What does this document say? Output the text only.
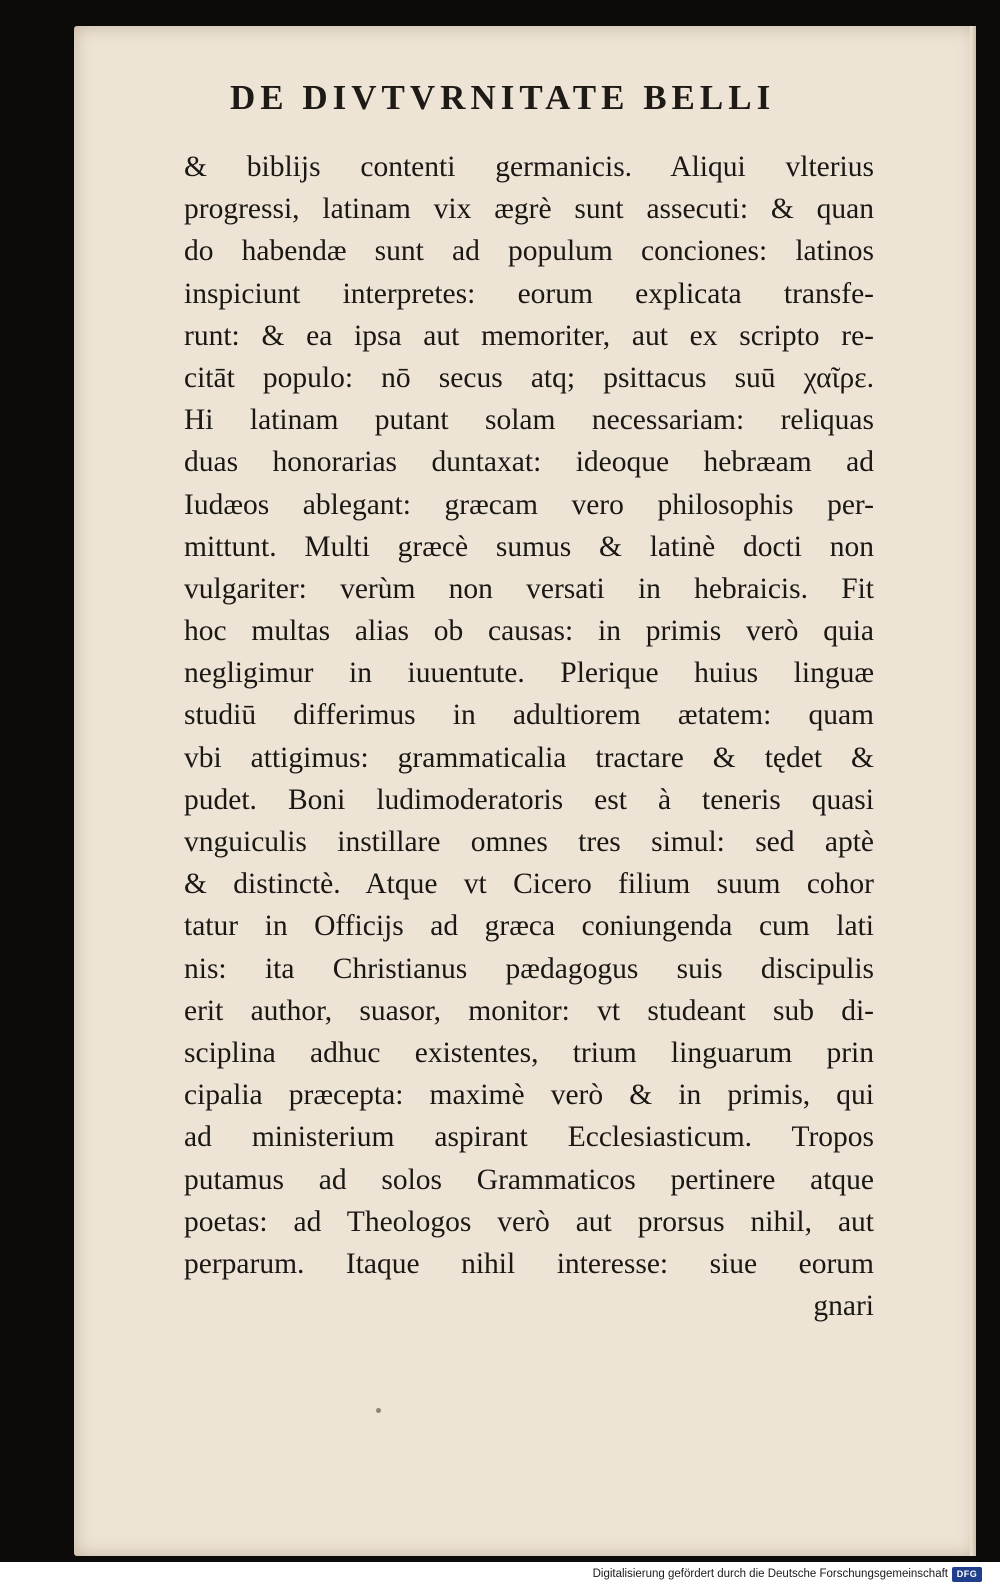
DE DIVTVRNITATE BELLI
& biblijs contenti germanicis. Aliqui vlterius
progressi, latinam vix ægrè sunt assecuti: & quan
do habendæ sunt ad populum conciones: latinos
inspiciunt interpretes: eorum explicata transfe-
runt: & ea ipsa aut memoriter, aut ex scripto re-
citāt populo: nō secus atq; psittacus suū χαῖρε.
Hi latinam putant solam necessariam: reliquas
duas honorarias duntaxat: ideoque hebræam ad
Iudæos ablegant: græcam vero philosophis per-
mittunt. Multi græcè sumus & latinè docti non
vulgariter: verùm non versati in hebraicis. Fit
hoc multas alias ob causas: in primis verò quia
negligimur in iuuentute. Plerique huius linguæ
studiū differimus in adultiorem ætatem: quam
vbi attigimus: grammaticalia tractare & tędet &
pudet. Boni ludimoderatoris est à teneris quasi
vnguiculis instillare omnes tres simul: sed aptè
& distinctè. Atque vt Cicero filium suum cohor
tatur in Officijs ad græca coniungenda cum lati
nis: ita Christianus pædagogus suis discipulis
erit author, suasor, monitor: vt studeant sub di-
sciplina adhuc existentes, trium linguarum prin
cipalia præcepta: maximè verò & in primis, qui
ad ministerium aspirant Ecclesiasticum. Tropos
putamus ad solos Grammaticos pertinere atque
poetas: ad Theologos verò aut prorsus nihil, aut
perparum. Itaque nihil interesse: siue eorum
gnari
Digitalisierung gefördert durch die Deutsche Forschungsgemeinschaft DFG
